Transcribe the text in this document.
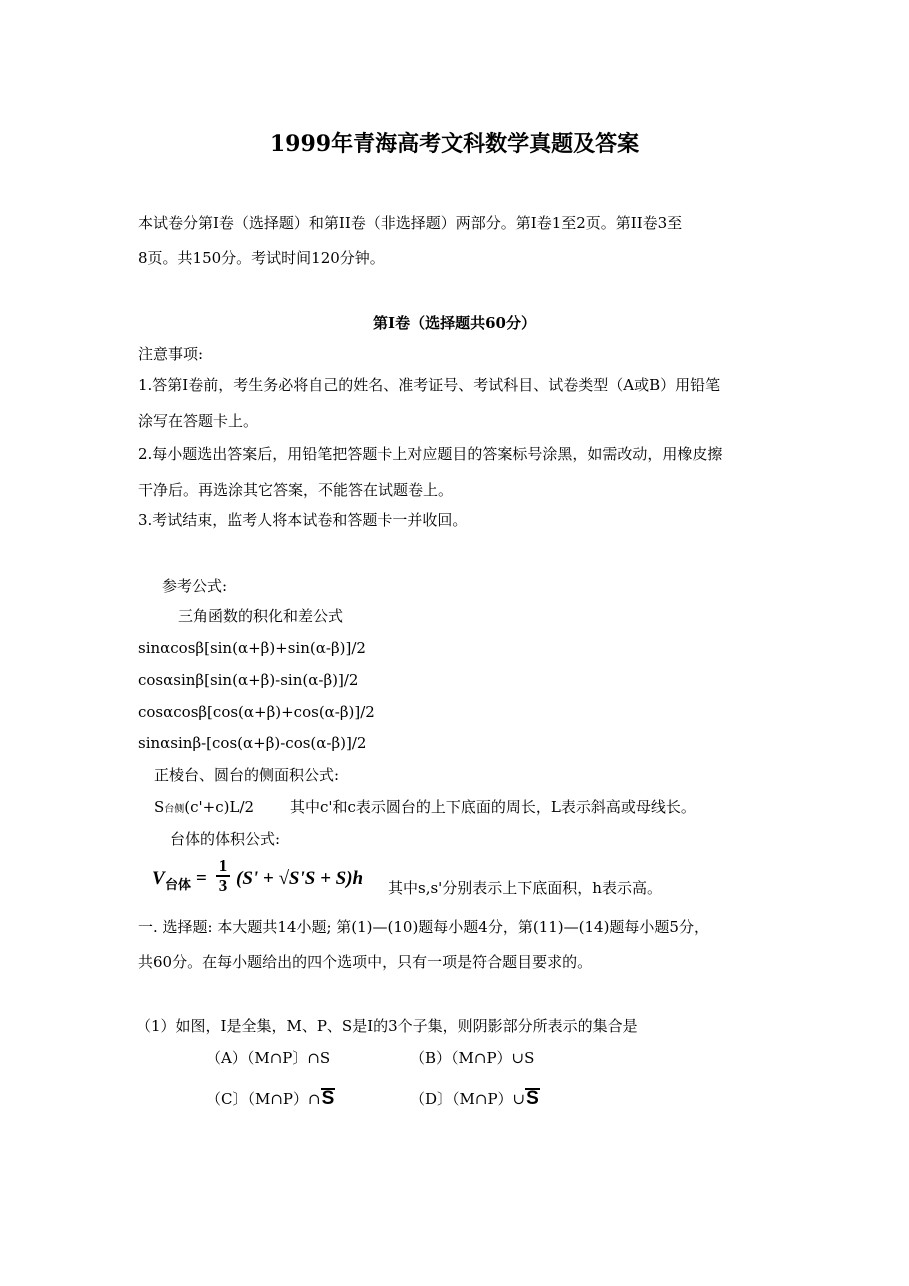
1999年青海高考文科数学真题及答案
本试卷分第Ⅰ卷（选择题）和第II卷（非选择题）两部分。第Ⅰ卷1至2页。第II卷3至
8页。共150分。考试时间120分钟。
第Ⅰ卷（选择题共60分）
注意事项:
1.答第Ⅰ卷前，考生务必将自己的姓名、准考证号、考试科目、试卷类型（A或B）用铅笔
涂写在答题卡上。
2.每小题选出答案后，用铅笔把答题卡上对应题目的答案标号涂黑，如需改动，用橡皮擦
干净后。再选涂其它答案，不能答在试题卷上。
3.考试结束，监考人将本试卷和答题卡一并收回。
参考公式:
三角函数的积化和差公式
sinαcosβ[sin(α+β)+sin(α-β)]/2
cosαsinβ[sin(α+β)-sin(α-β)]/2
cosαcosβ[cos(α+β)+cos(α-β)]/2
sinαsinβ-[cos(α+β)-cos(α-β)]/2
正棱台、圆台的侧面积公式:
S台侧(c'+c)L/2 其中c'和c表示圆台的上下底面的周长，L表示斜高或母线长。
台体的体积公式:
V 台体 = $\frac{1}{3} (S' + √S'S + S)h$ 其中s,s'分别表示上下底面积，h表示高。
一. 选择题: 本大题共14小题; 第(1)—(10)题每小题4分，第(11)—(14)题每小题5分，
共60分。在每小题给出的四个选项中，只有一项是符合题目要求的。
（1）如图，I是全集，M、P、S是I的3个子集，则阴影部分所表示的集合是
（A）（M∩P〕∩S	（B）（M∩P）∪S
（C〕（M∩P）∩S	（D〕（M∩P）∪S
